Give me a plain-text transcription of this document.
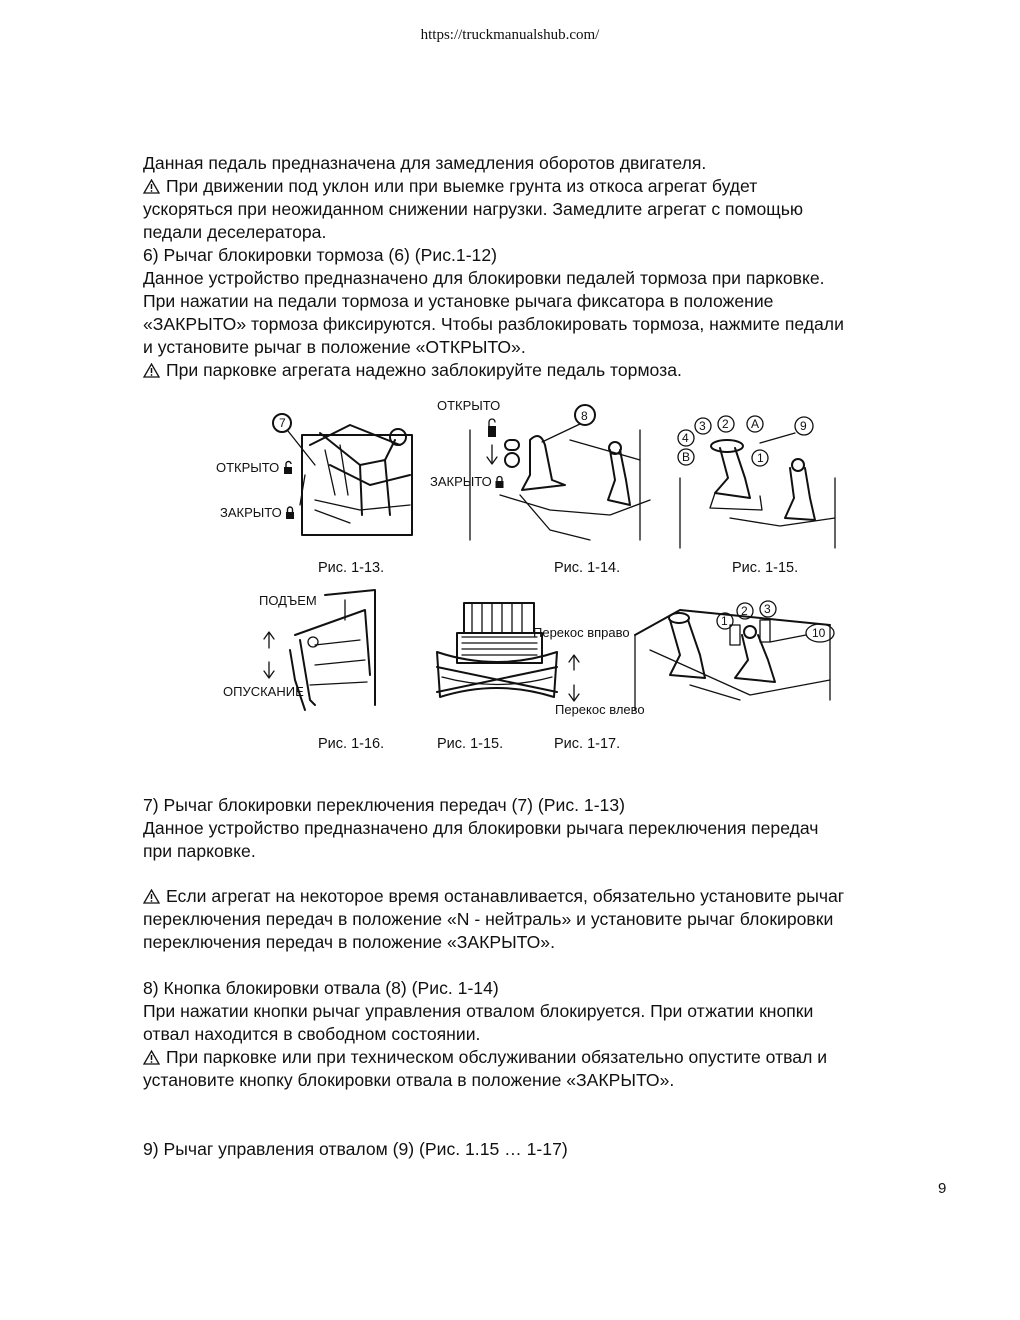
https://truckmanualshub.com/

Данная педаль предназначена для замедления оборотов двигателя.

При движении под уклон или при выемке грунта из откоса агрегат будет

ускоряться при неожиданном снижении нагрузки. Замедлите агрегат с помощью

педали деселератора.

6) Рычаг блокировки тормоза (6) (Рис.1-12)

Данное устройство предназначено для блокировки педалей тормоза при парковке.

При нажатии на педали тормоза и установке рычага фиксатора в положение

«ЗАКРЫТО» тормоза фиксируются. Чтобы разблокировать тормоза, нажмите педали

и установите рычаг в положение «ОТКРЫТО».

При парковке агрегата надежно заблокируйте педаль тормоза.

7
ОТКРЫТО
ЗАКРЫТО
ОТКРЫТО
8
ЗАКРЫТО
4
3 2 A	9
B	1
Рис. 1-13.	Рис. 1-14.	Рис. 1-15.
ПОДЪЕМ
ОПУСКАНИЕ
Перекос вправо
Перекос влево
1
2 3
10
Рис. 1-16.	Рис. 1-15.	Рис. 1-17.

7) Рычаг блокировки переключения передач (7) (Рис. 1-13)

Данное устройство предназначено для блокировки рычага переключения передач

при парковке.

Если агрегат на некоторое время останавливается, обязательно установите рычаг

переключения передач в положение «N - нейтраль» и установите рычаг блокировки

переключения передач в положение «ЗАКРЫТО».

8) Кнопка блокировки отвала (8) (Рис. 1-14)

При нажатии кнопки рычаг управления отвалом блокируется. При отжатии кнопки

отвал находится в свободном состоянии.

При парковке или при техническом обслуживании обязательно опустите отвал и

установите кнопку блокировки отвала в положение «ЗАКРЫТО».

9) Рычаг управления отвалом (9) (Рис. 1.15 … 1-17)

9
